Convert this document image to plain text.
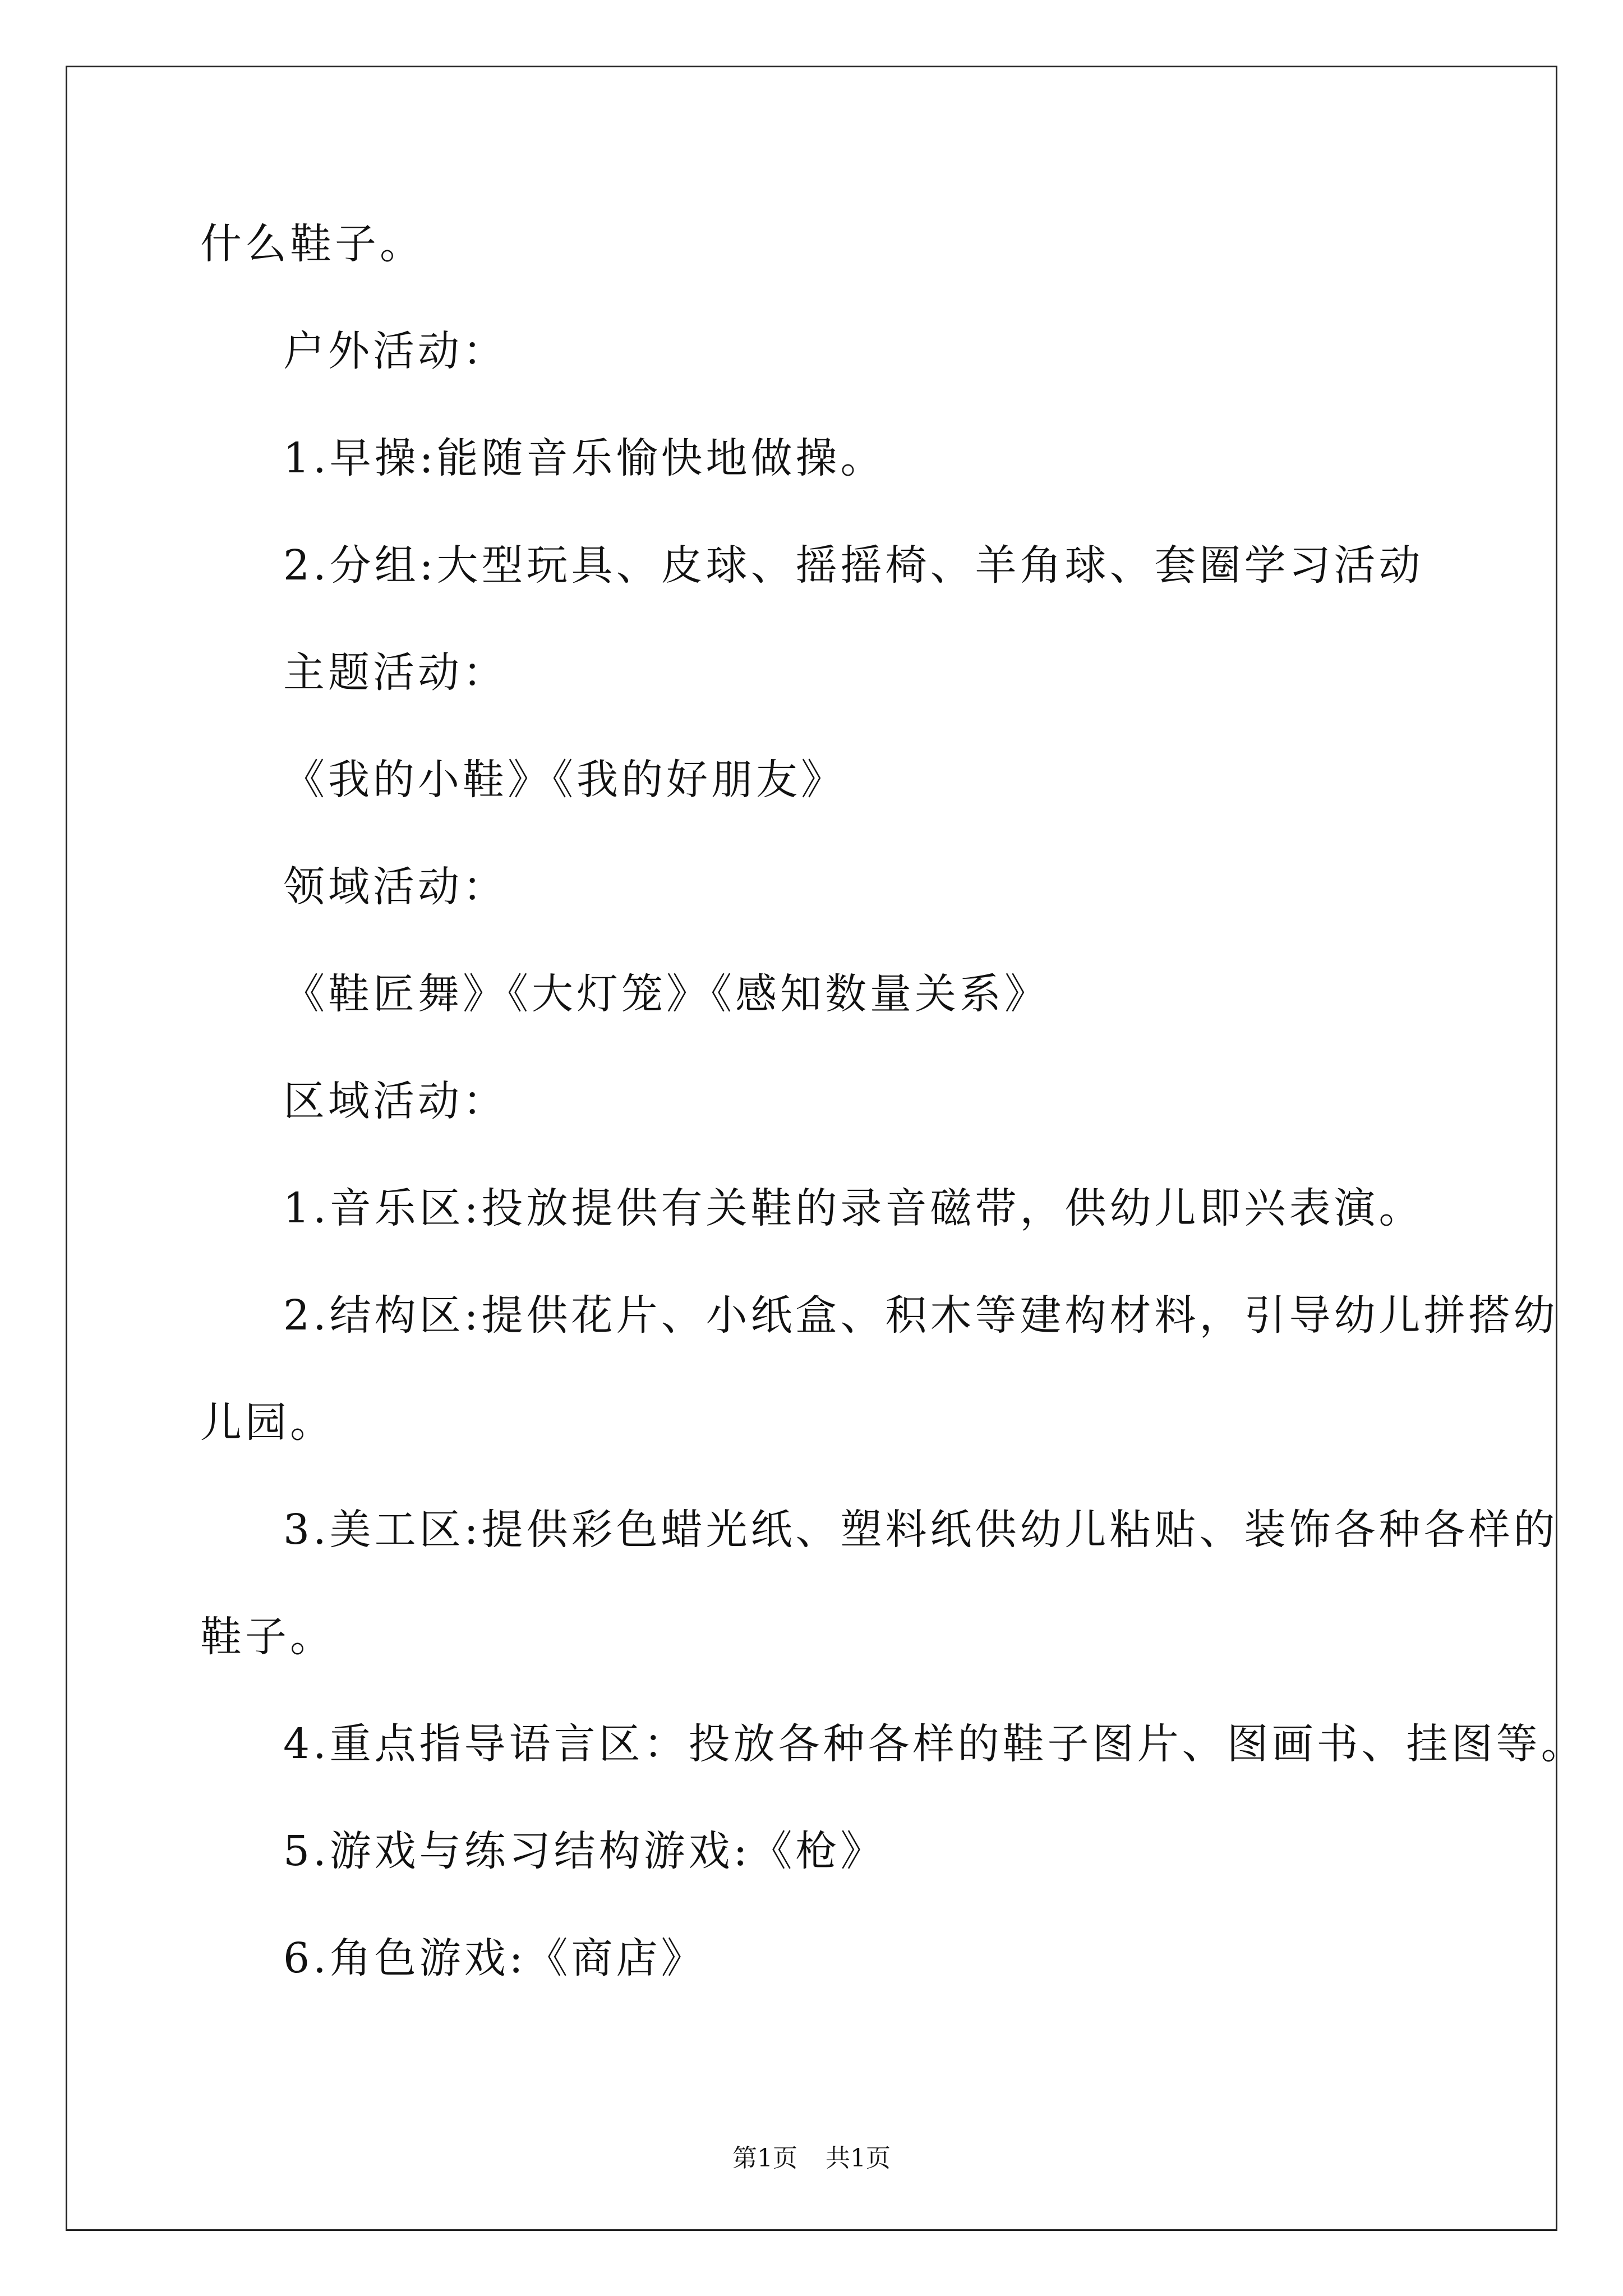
什么鞋子。

户外活动：

1.早操:能随音乐愉快地做操。

2.分组:大型玩具、皮球、摇摇椅、羊角球、套圈学习活动

主题活动：

《我的小鞋》《我的好朋友》

领域活动：

《鞋匠舞》《大灯笼》《感知数量关系》

区域活动：

1.音乐区:投放提供有关鞋的录音磁带，供幼儿即兴表演。

2.结构区:提供花片、小纸盒、积木等建构材料，引导幼儿拼搭幼

儿园。

3.美工区:提供彩色蜡光纸、塑料纸供幼儿粘贴、装饰各种各样的

鞋子。

4.重点指导语言区：投放各种各样的鞋子图片、图画书、挂图等。

5.游戏与练习结构游戏:《枪》

6.角色游戏:《商店》

第1页 共1页
